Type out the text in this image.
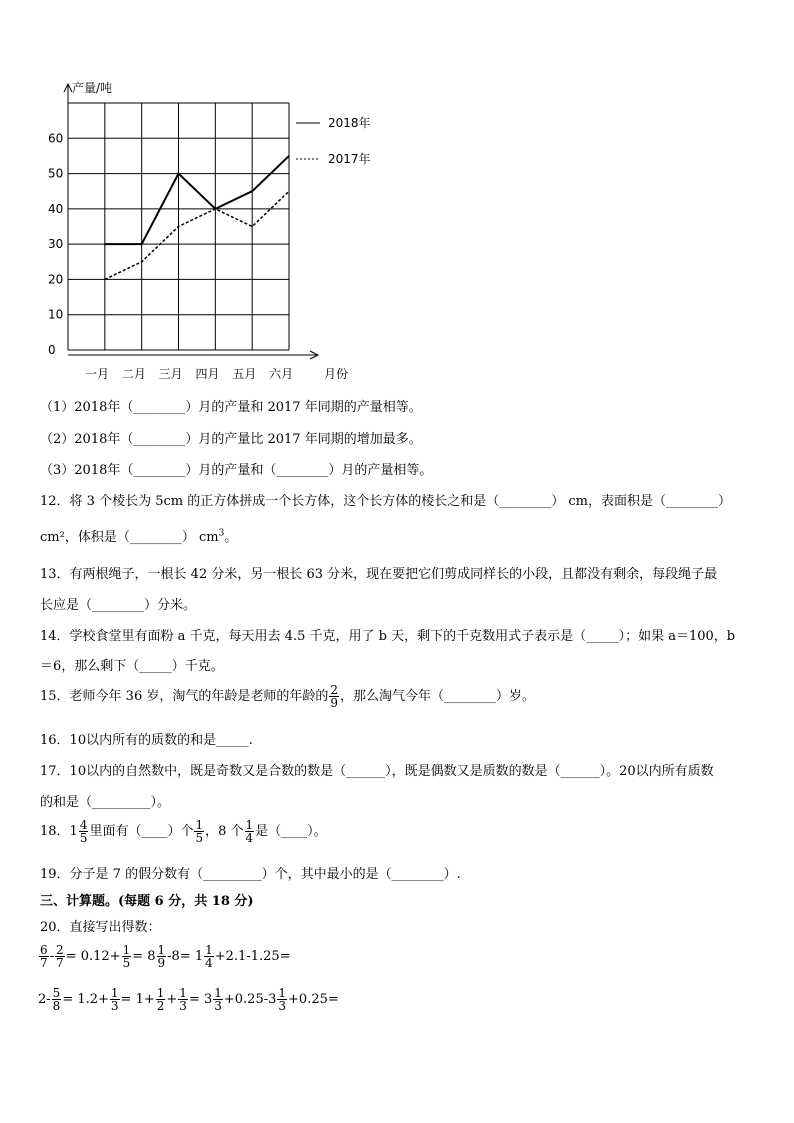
0
10
20
30
40
50
60
一月 二月 三月 四月 五月 六月
2018年
2017年
产量/吨
月份
（1）2018年（________）月的产量和 2017 年同期的产量相等。
（2）2018年（________）月的产量比 2017 年同期的增加最多。
（3）2018年（________）月的产量和（________）月的产量相等。
12．将 3 个棱长为 5cm 的正方体拼成一个长方体，这个长方体的棱长之和是（________） cm，表面积是（________）
cm²，体积是（________） $cm^3$。
13．有两根绳子，一根长 42 分米，另一根长 63 分米，现在要把它们剪成同样长的小段，且都没有剩余，每段绳子最
长应是（________）分米。
14．学校食堂里有面粉 a 千克，每天用去 4.5 千克，用了 b 天，剩下的千克数用式子表示是（_____）；如果 a＝100，b
＝6，那么剩下（_____）千克。
15．老师今年 36 岁，淘气的年龄是老师的年龄的 $\frac{2}{9}$ ，那么淘气今年（________）岁。
16．10以内所有的质数的和是_____.
17．10以内的自然数中，既是奇数又是合数的数是（______），既是偶数又是质数的数是（______）。20以内所有质数
的和是（_________）。
18．$1 \frac{4}{5}$ 里面有（____）个 $\frac{1}{5}$ ，8 个 $\frac{1}{4}$ 是（____）。
19．分子是 7 的假分数有（_________）个，其中最小的是（________）.
三、计算题。(每题 6 分，共 18 分)
20．直接写出得数：
$\frac{6}{7} - \frac{2}{7} = 0.12+ \frac{1}{5} = 8 \frac{1}{9} -8= 1 \frac{1}{4} +2.1-1.25=$
$2- \frac{5}{8} = 1.2+ \frac{1}{3} = 1+ \frac{1}{2} + \frac{1}{3} = 3 \frac{1}{3} +0.25-3 \frac{1}{3} +0.25=$
